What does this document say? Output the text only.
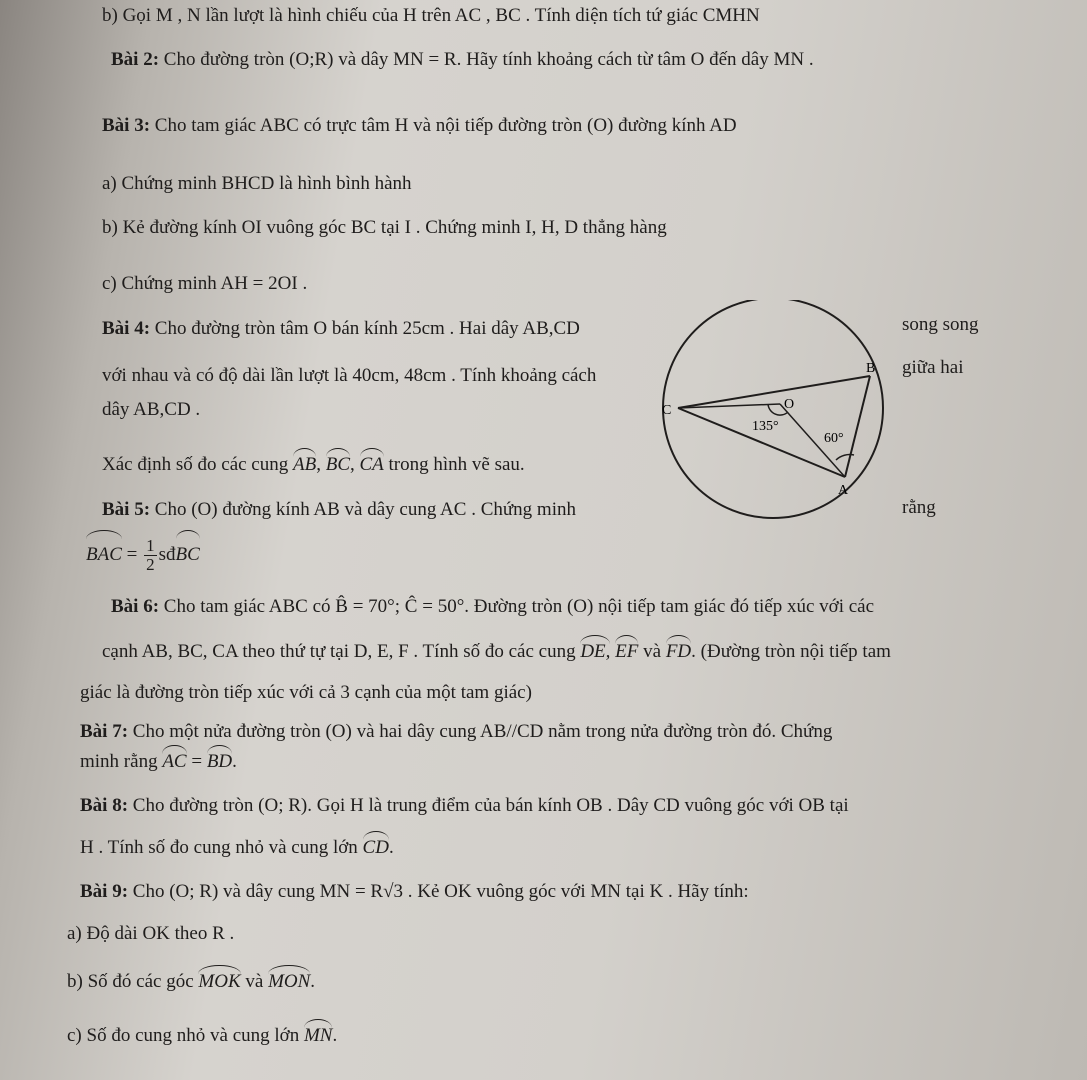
b) Gọi M , N lần lượt là hình chiếu của H trên AC , BC . Tính diện tích tứ giác CMHN
Bài 2: Cho đường tròn (O;R) và dây MN = R. Hãy tính khoảng cách từ tâm O đến dây MN .
Bài 3: Cho tam giác ABC có trực tâm H và nội tiếp đường tròn (O) đường kính AD
a) Chứng minh BHCD là hình bình hành
b) Kẻ đường kính OI vuông góc BC tại I . Chứng minh I, H, D thẳng hàng
c) Chứng minh AH = 2OI .
Bài 4: Cho đường tròn tâm O bán kính 25cm . Hai dây AB,CD	song song
với nhau và có độ dài lần lượt là 40cm, 48cm . Tính khoảng cách	giữa hai
dây AB,CD .
Xác định số đo các cung AB, BC, CA trong hình vẽ sau.
Bài 5: Cho (O) đường kính AB và dây cung AC . Chứng minh	rằng
BAC = $\frac{1}{2}$ sđBC
Bài 6: Cho tam giác ABC có B̂ = 70°; Ĉ = 50°. Đường tròn (O) nội tiếp tam giác đó tiếp xúc với các
cạnh AB, BC, CA theo thứ tự tại D, E, F . Tính số đo các cung DE, EF và FD. (Đường tròn nội tiếp tam
giác là đường tròn tiếp xúc với cả 3 cạnh của một tam giác)
Bài 7: Cho một nửa đường tròn (O) và hai dây cung AB//CD nằm trong nửa đường tròn đó. Chứng
minh rằng AC = BD.
Bài 8: Cho đường tròn (O; R). Gọi H là trung điểm của bán kính OB . Dây CD vuông góc với OB tại
H . Tính số đo cung nhỏ và cung lớn CD.
Bài 9: Cho (O; R) và dây cung MN = R√3 . Kẻ OK vuông góc với MN tại K . Hãy tính:
a) Độ dài OK theo R .
b) Số đó các góc MOK và MON.
c) Số đo cung nhỏ và cung lớn MN.
B
C	O
A
135°
60°
